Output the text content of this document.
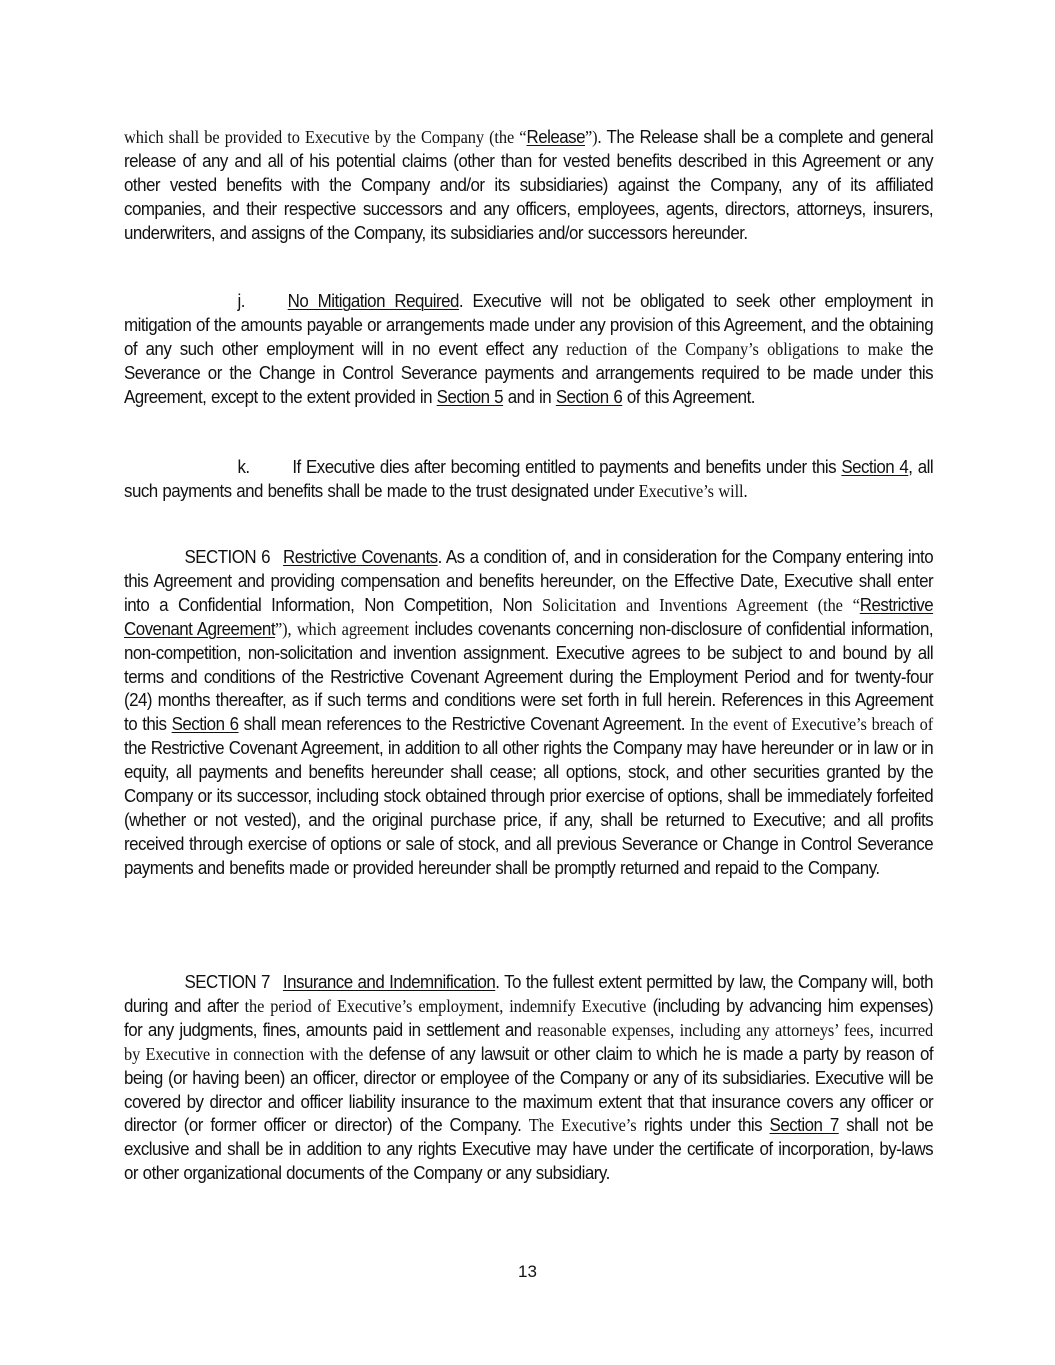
which shall be provided to Executive by the Company (the “Release”). The Release shall be a complete and general release of any and all of his potential claims (other than for vested benefits described in this Agreement or any other vested benefits with the Company and/or its subsidiaries) against the Company, any of its affiliated companies, and their respective successors and any officers, employees, agents, directors, attorneys, insurers, underwriters, and assigns of the Company, its subsidiaries and/or successors hereunder.

j. No Mitigation Required. Executive will not be obligated to seek other employment in mitigation of the amounts payable or arrangements made under any provision of this Agreement, and the obtaining of any such other employment will in no event effect any reduction of the Company’s obligations to make the Severance or the Change in Control Severance payments and arrangements required to be made under this Agreement, except to the extent provided in Section 5 and in Section 6 of this Agreement.

k. If Executive dies after becoming entitled to payments and benefits under this Section 4, all such payments and benefits shall be made to the trust designated under Executive’s will.

SECTION 6 Restrictive Covenants. As a condition of, and in consideration for the Company entering into this Agreement and providing compensation and benefits hereunder, on the Effective Date, Executive shall enter into a Confidential Information, Non Competition, Non Solicitation and Inventions Agreement (the “Restrictive Covenant Agreement”), which agreement includes covenants concerning non-disclosure of confidential information, non-competition, non-solicitation and invention assignment. Executive agrees to be subject to and bound by all terms and conditions of the Restrictive Covenant Agreement during the Employment Period and for twenty-four (24) months thereafter, as if such terms and conditions were set forth in full herein. References in this Agreement to this Section 6 shall mean references to the Restrictive Covenant Agreement. In the event of Executive’s breach of the Restrictive Covenant Agreement, in addition to all other rights the Company may have hereunder or in law or in equity, all payments and benefits hereunder shall cease; all options, stock, and other securities granted by the Company or its successor, including stock obtained through prior exercise of options, shall be immediately forfeited (whether or not vested), and the original purchase price, if any, shall be returned to Executive; and all profits received through exercise of options or sale of stock, and all previous Severance or Change in Control Severance payments and benefits made or provided hereunder shall be promptly returned and repaid to the Company.

SECTION 7 Insurance and Indemnification. To the fullest extent permitted by law, the Company will, both during and after the period of Executive’s employment, indemnify Executive (including by advancing him expenses) for any judgments, fines, amounts paid in settlement and reasonable expenses, including any attorneys’ fees, incurred by Executive in connection with the defense of any lawsuit or other claim to which he is made a party by reason of being (or having been) an officer, director or employee of the Company or any of its subsidiaries. Executive will be covered by director and officer liability insurance to the maximum extent that that insurance covers any officer or director (or former officer or director) of the Company. The Executive’s rights under this Section 7 shall not be exclusive and shall be in addition to any rights Executive may have under the certificate of incorporation, by-laws or other organizational documents of the Company or any subsidiary.

13
